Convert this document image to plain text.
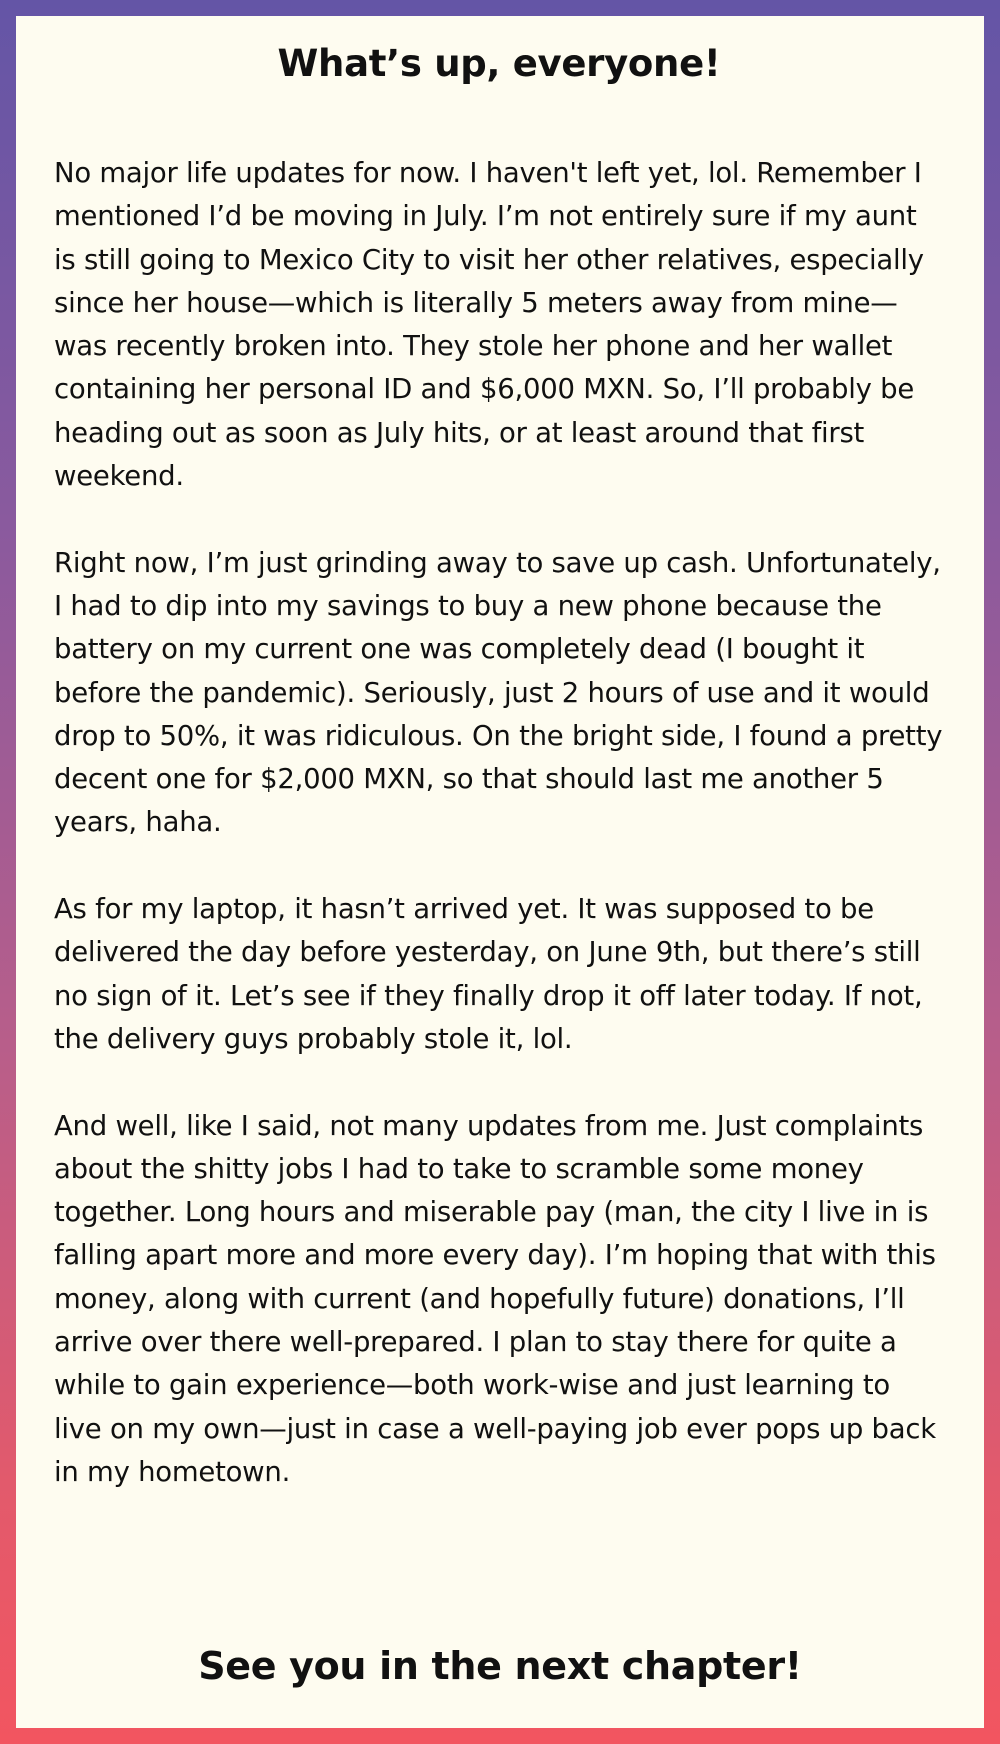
What’s up, everyone!

No major life updates for now. I haven't left yet, lol. Remember I mentioned I’d be moving in July. I’m not entirely sure if my aunt is still going to Mexico City to visit her other relatives, especially since her house—which is literally 5 meters away from mine—was recently broken into. They stole her phone and her wallet containing her personal ID and $6,000 MXN. So, I’ll probably be heading out as soon as July hits, or at least around that first weekend.

Right now, I’m just grinding away to save up cash. Unfortunately, I had to dip into my savings to buy a new phone because the battery on my current one was completely dead (I bought it before the pandemic). Seriously, just 2 hours of use and it would drop to 50%, it was ridiculous. On the bright side, I found a pretty decent one for $2,000 MXN, so that should last me another 5 years, haha.

As for my laptop, it hasn’t arrived yet. It was supposed to be delivered the day before yesterday, on June 9th, but there’s still no sign of it. Let’s see if they finally drop it off later today. If not, the delivery guys probably stole it, lol.

And well, like I said, not many updates from me. Just complaints about the shitty jobs I had to take to scramble some money together. Long hours and miserable pay (man, the city I live in is falling apart more and more every day). I’m hoping that with this money, along with current (and hopefully future) donations, I’ll arrive over there well-prepared. I plan to stay there for quite a while to gain experience—both work-wise and just learning to live on my own—just in case a well-paying job ever pops up back in my hometown.

See you in the next chapter!
